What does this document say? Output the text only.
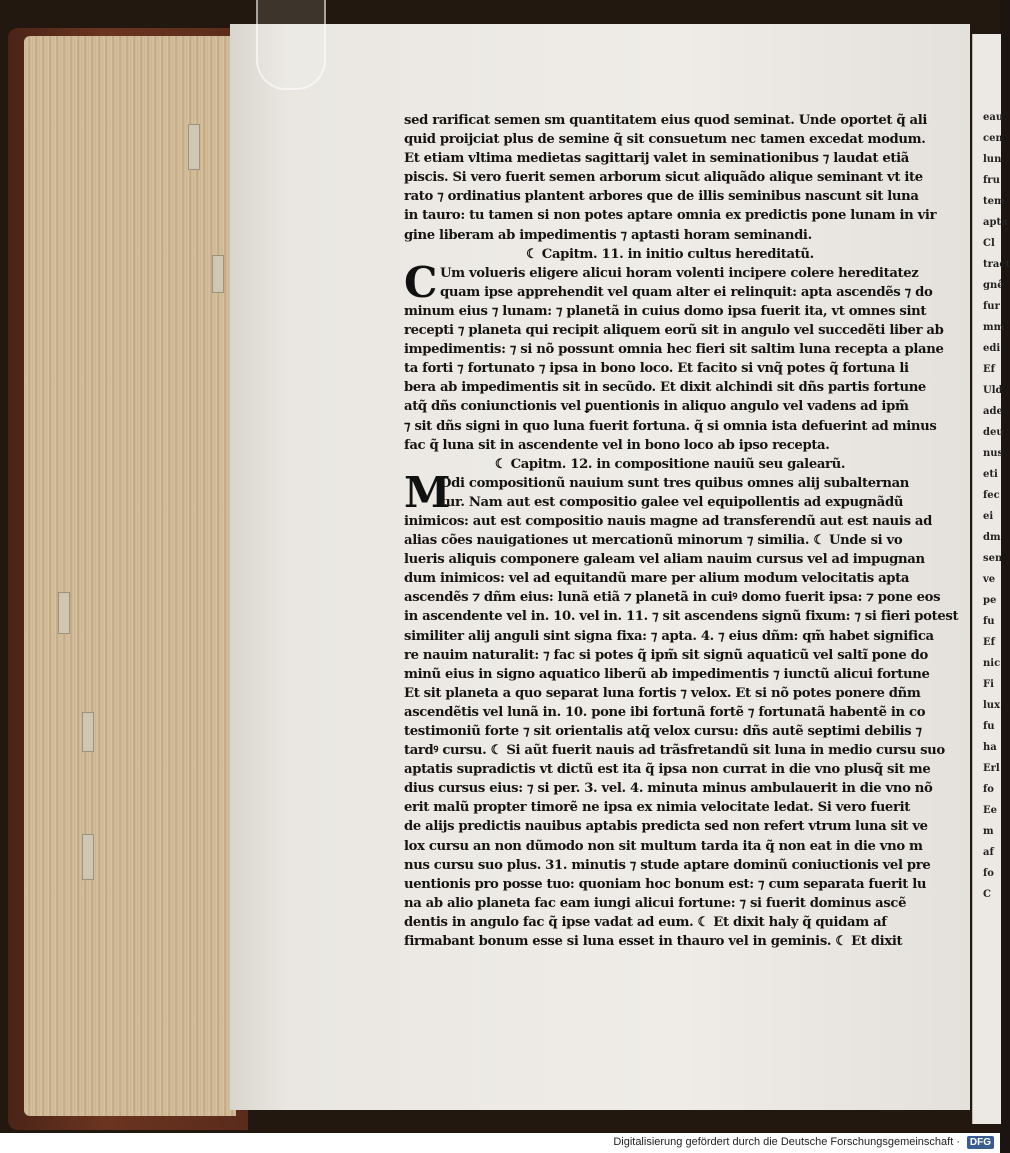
eau
cen
lun
fru
tem
apta
Cl
tract
gnê
fur
mm
edi
Ef
Uld
ade
deu
nus
eti
fec
ei
dm
sen
ve
pe
fu
Ef
nic
Fi
lux
fu
ha
Erl
fo
Ee
m
af
fo
C
sed rarificat semen sm quantitatem eius quod seminat. Unde oportet q̃ ali
quid proijciat plus de semine q̃ sit consuetum nec tamen excedat modum.
Et etiam vltima medietas sagittarij valet in seminationibus ⁊ laudat etiã
piscis. Si vero fuerit semen arborum sicut aliquãdo alique seminant vt ite
rato ⁊ ordinatius plantent arbores que de illis seminibus nascunt sit luna
in tauro: tu tamen si non potes aptare omnia ex predictis pone lunam in vir
gine liberam ab impedimentis ⁊ aptasti horam seminandi.
☾ Capitm. 11. in initio cultus hereditatũ.
C Um volueris eligere alicui horam volenti incipere colere hereditatez
quam ipse apprehendit vel quam alter ei relinquit: apta ascendẽs ⁊ do
minum eius ⁊ lunam: ⁊ planetã in cuius domo ipsa fuerit ita, vt omnes sint
recepti ⁊ planeta qui recipit aliquem eorũ sit in angulo vel succedẽti liber ab
impedimentis: ⁊ si nõ possunt omnia hec fieri sit saltim luna recepta a plane
ta forti ⁊ fortunato ⁊ ipsa in bono loco. Et facito si vnq̃ potes q̃ fortuna li
bera ab impedimentis sit in secũdo. Et dixit alchindi sit dñs partis fortune
atq̃ dñs coniunctionis vel ꝑuentionis in aliquo angulo vel vadens ad ipm̃
⁊ sit dñs signi in quo luna fuerit fortuna. q̃ si omnia ista defuerint ad minus
fac q̃ luna sit in ascendente vel in bono loco ab ipso recepta.
☾ Capitm. 12. in compositione nauiũ seu galearũ.
M
Odi compositionũ nauium sunt tres quibus omnes alij subalternan
tur. Nam aut est compositio galee vel equipollentis ad expugnãdũ
inimicos: aut est compositio nauis magne ad transferendũ aut est nauis ad
alias cões nauigationes ut mercationũ minorum ⁊ similia. ☾ Unde si vo
lueris aliquis componere galeam vel aliam nauim cursus vel ad impugnan
dum inimicos: vel ad equitandũ mare per alium modum velocitatis apta
ascendẽs ⁊ dñm eius: lunã etiã ⁊ planetã in cuiꝰ domo fuerit ipsa: ⁊ pone eos
in ascendente vel in. 10. vel in. 11. ⁊ sit ascendens signũ fixum: ⁊ si fieri potest
similiter alij anguli sint signa fixa: ⁊ apta. 4. ⁊ eius dñm: qm̃ habet significa
re nauim naturalit: ⁊ fac si potes q̃ ipm̃ sit signũ aquaticũ vel saltĩ pone do
minũ eius in signo aquatico liberũ ab impedimentis ⁊ iunctũ alicui fortune
Et sit planeta a quo separat luna fortis ⁊ velox. Et si nõ potes ponere dñm
ascendẽtis vel lunã in. 10. pone ibi fortunã fortẽ ⁊ fortunatã habentẽ in co
testimoniũ forte ⁊ sit orientalis atq̃ velox cursu: dñs autẽ septimi debilis ⁊
tardꝰ cursu. ☾ Si aũt fuerit nauis ad trãsfretandũ sit luna in medio cursu suo
aptatis supradictis vt dictũ est ita q̃ ipsa non currat in die vno plusq̃ sit me
dius cursus eius: ⁊ si per. 3. vel. 4. minuta minus ambulauerit in die vno nõ
erit malũ propter timorẽ ne ipsa ex nimia velocitate ledat. Si vero fuerit
de alijs predictis nauibus aptabis predicta sed non refert vtrum luna sit ve
lox cursu an non dũmodo non sit multum tarda ita q̃ non eat in die vno m
nus cursu suo plus. 31. minutis ⁊ stude aptare dominũ coniuctionis vel pre
uentionis pro posse tuo: quoniam hoc bonum est: ⁊ cum separata fuerit lu
na ab alio planeta fac eam iungi alicui fortune: ⁊ si fuerit dominus ascẽ
dentis in angulo fac q̃ ipse vadat ad eum. ☾ Et dixit haly q̃ quidam af
firmabant bonum esse si luna esset in thauro vel in geminis. ☾ Et dixit
Digitalisierung gefördert durch die Deutsche Forschungsgemeinschaft · DFG
